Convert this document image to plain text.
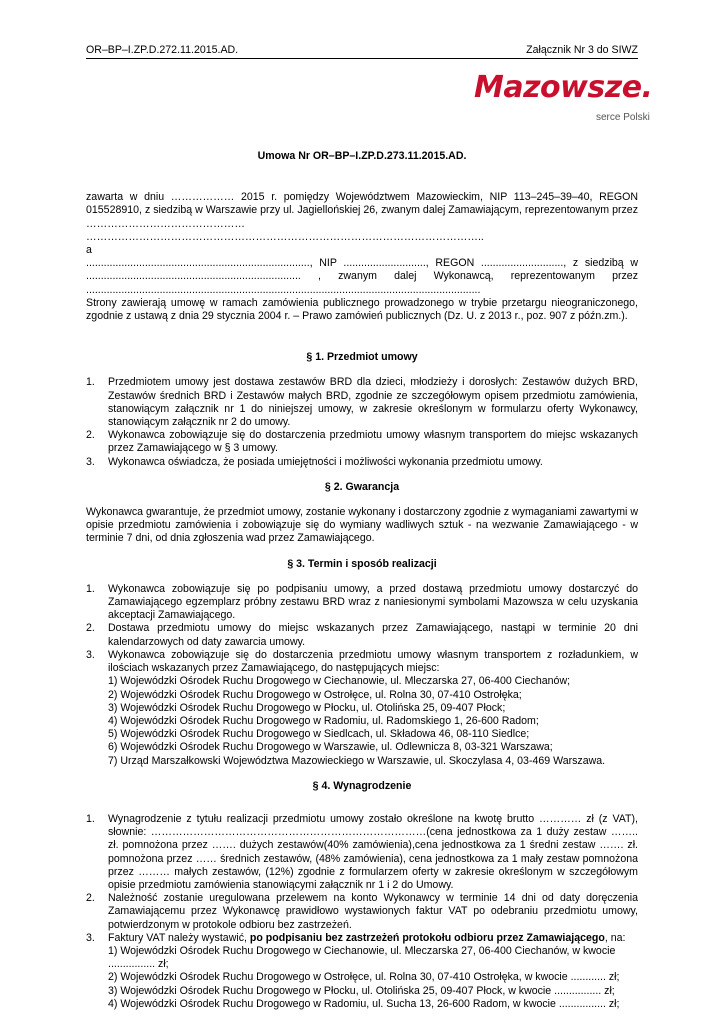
OR–BP–I.ZP.D.272.11.2015.AD.	Załącznik Nr 3 do SIWZ
Mazowsze.
serce Polski

Umowa Nr OR–BP–I.ZP.D.273.11.2015.AD.

zawarta w dniu ……………… 2015 r. pomiędzy Województwem Mazowieckim, NIP 113–245–39–40, REGON 015528910, z siedzibą w Warszawie przy ul. Jagiellońskiej 26, zwanym dalej Zamawiającym, reprezentowanym przez ………………………………………

…………………………………………………………………………………………………..

a

............................................................................, NIP ............................, REGON ............................, z siedzibą w ......................................................................... , zwanym dalej Wykonawcą, reprezentowanym przez ......................................................................................................................................

Strony zawierają umowę w ramach zamówienia publicznego prowadzonego w trybie przetargu nieograniczonego, zgodnie z ustawą z dnia 29 stycznia 2004 r. – Prawo zamówień publicznych (Dz. U. z 2013 r., poz. 907 z późn.zm.).

§ 1. Przedmiot umowy

1. Przedmiotem umowy jest dostawa zestawów BRD dla dzieci, młodzieży i dorosłych: Zestawów dużych BRD, Zestawów średnich BRD i Zestawów małych BRD, zgodnie ze szczegółowym opisem przedmiotu zamówienia, stanowiącym załącznik nr 1 do niniejszej umowy, w zakresie określonym w formularzu oferty Wykonawcy, stanowiącym załącznik nr 2 do umowy.
2. Wykonawca zobowiązuje się do dostarczenia przedmiotu umowy własnym transportem do miejsc wskazanych przez Zamawiającego w § 3 umowy.
3. Wykonawca oświadcza, że posiada umiejętności i możliwości wykonania przedmiotu umowy.

§ 2. Gwarancja

Wykonawca gwarantuje, że przedmiot umowy, zostanie wykonany i dostarczony zgodnie z wymaganiami zawartymi w opisie przedmiotu zamówienia i zobowiązuje się do wymiany wadliwych sztuk - na wezwanie Zamawiającego - w terminie 7 dni, od dnia zgłoszenia wad przez Zamawiającego.

§ 3. Termin i sposób realizacji

1. Wykonawca zobowiązuje się po podpisaniu umowy, a przed dostawą przedmiotu umowy dostarczyć do Zamawiającego egzemplarz próbny zestawu BRD wraz z naniesionymi symbolami Mazowsza w celu uzyskania akceptacji Zamawiającego.
2. Dostawa przedmiotu umowy do miejsc wskazanych przez Zamawiającego, nastąpi w terminie 20 dni kalendarzowych od daty zawarcia umowy.
3. Wykonawca zobowiązuje się do dostarczenia przedmiotu umowy własnym transportem z rozładunkiem, w ilościach wskazanych przez Zamawiającego, do następujących miejsc:
1) Wojewódzki Ośrodek Ruchu Drogowego w Ciechanowie, ul. Mleczarska 27, 06-400 Ciechanów;
2) Wojewódzki Ośrodek Ruchu Drogowego w Ostrołęce, ul. Rolna 30, 07-410 Ostrołęka;
3) Wojewódzki Ośrodek Ruchu Drogowego w Płocku, ul. Otolińska 25, 09-407 Płock;
4) Wojewódzki Ośrodek Ruchu Drogowego w Radomiu, ul. Radomskiego 1, 26-600 Radom;
5) Wojewódzki Ośrodek Ruchu Drogowego w Siedlcach, ul. Składowa 46, 08-110 Siedlce;
6) Wojewódzki Ośrodek Ruchu Drogowego w Warszawie, ul. Odlewnicza 8, 03-321 Warszawa;
7) Urząd Marszałkowski Województwa Mazowieckiego w Warszawie, ul. Skoczylasa 4, 03-469 Warszawa.

§ 4. Wynagrodzenie

1. Wynagrodzenie z tytułu realizacji przedmiotu umowy zostało określone na kwotę brutto ………… zł (z VAT), słownie: ……………………………………………………………………(cena jednostkowa za 1 duży zestaw …….. zł. pomnożona przez ……. dużych zestawów(40% zamówienia),cena jednostkowa za 1 średni zestaw ……. zł. pomnożona przez …… średnich zestawów, (48% zamówienia), cena jednostkowa za 1 mały zestaw pomnożona przez ……… małych zestawów, (12%) zgodnie z formularzem oferty w zakresie określonym w szczegółowym opisie przedmiotu zamówienia stanowiącymi załącznik nr 1 i 2 do Umowy.
2. Należność zostanie uregulowana przelewem na konto Wykonawcy w terminie 14 dni od daty doręczenia Zamawiającemu przez Wykonawcę prawidłowo wystawionych faktur VAT po odebraniu przedmiotu umowy, potwierdzonym w protokole odbioru bez zastrzeżeń.
3. Faktury VAT należy wystawić, po podpisaniu bez zastrzeżeń protokołu odbioru przez Zamawiającego, na:
1) Wojewódzki Ośrodek Ruchu Drogowego w Ciechanowie, ul. Mleczarska 27, 06-400 Ciechanów, w kwocie ................ zł;
2) Wojewódzki Ośrodek Ruchu Drogowego w Ostrołęce, ul. Rolna 30, 07-410 Ostrołęka, w kwocie ............ zł;
3) Wojewódzki Ośrodek Ruchu Drogowego w Płocku, ul. Otolińska 25, 09-407 Płock, w kwocie ................ zł;
4) Wojewódzki Ośrodek Ruchu Drogowego w Radomiu, ul. Sucha 13, 26-600 Radom, w kwocie ................ zł;
